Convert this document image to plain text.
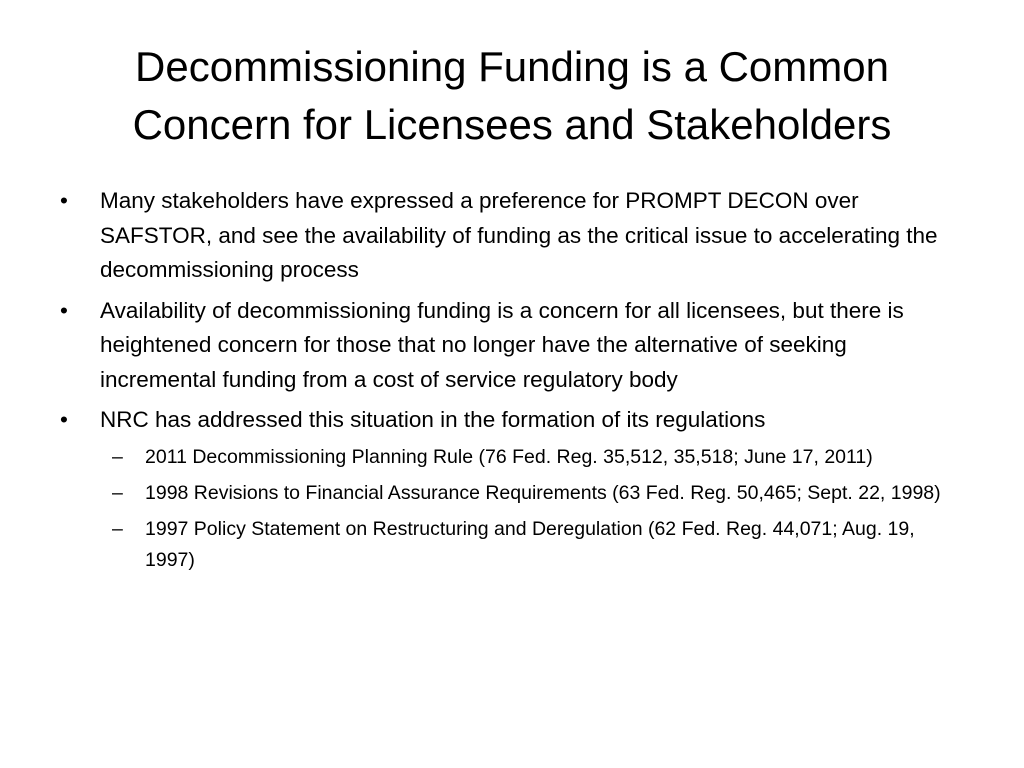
Decommissioning Funding is a Common
Concern for Licensees and Stakeholders
•	Many stakeholders have expressed a preference for PROMPT DECON over SAFSTOR, and see the availability of funding as the critical issue to accelerating the decommissioning process
•	Availability of decommissioning funding is a concern for all licensees, but there is heightened concern for those that no longer have the alternative of seeking incremental funding from a cost of service regulatory body
•	NRC has addressed this situation in the formation of its regulations
–	2011 Decommissioning Planning Rule (76 Fed. Reg. 35,512, 35,518; June 17, 2011)
–	1998 Revisions to Financial Assurance Requirements (63 Fed. Reg. 50,465; Sept. 22, 1998)
–	1997 Policy Statement on Restructuring and Deregulation (62 Fed. Reg. 44,071; Aug. 19, 1997)
